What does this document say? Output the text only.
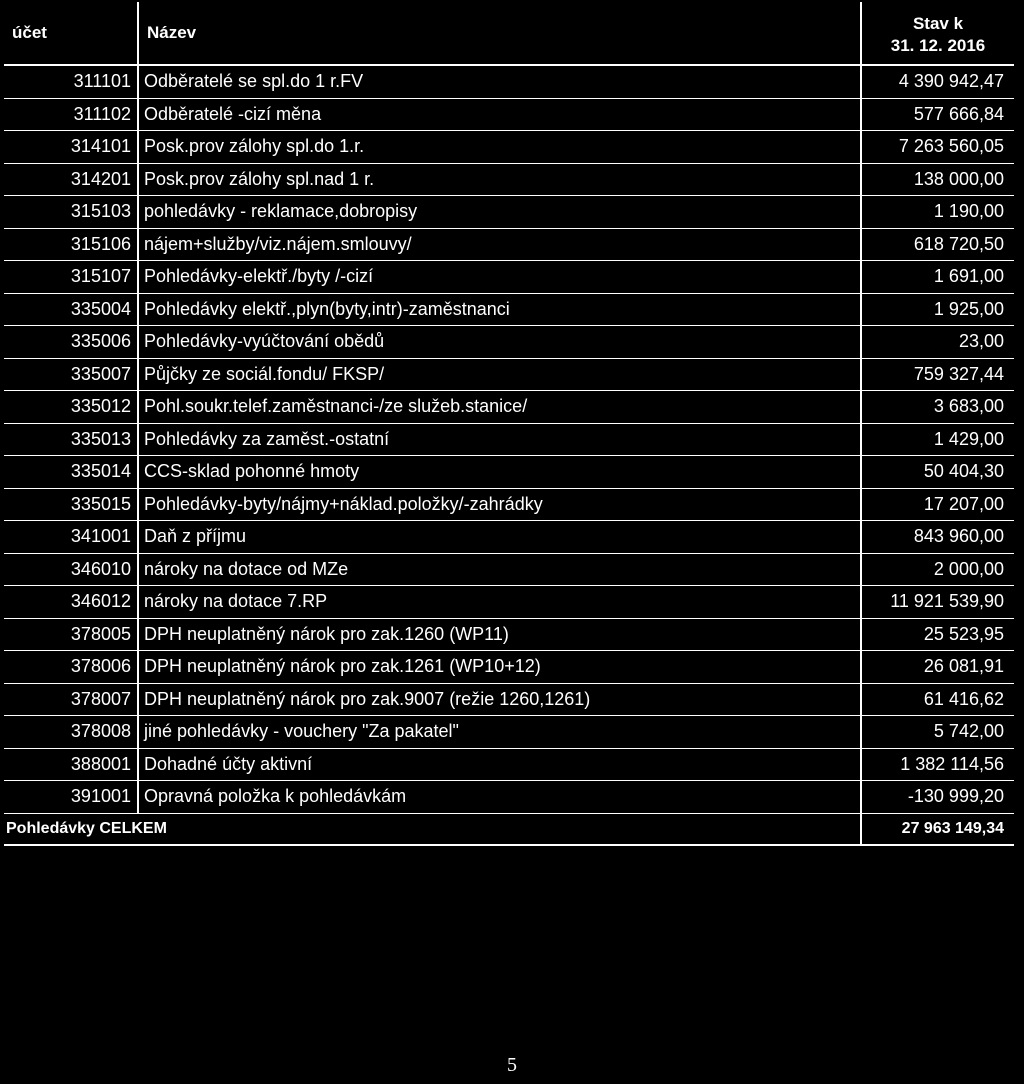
účet	Název	Stav k
31. 12. 2016
311101 Odběratelé se spl.do 1 r.FV	4 390 942,47
311102 Odběratelé -cizí měna	577 666,84
314101 Posk.prov zálohy spl.do 1.r.	7 263 560,05
314201 Posk.prov zálohy spl.nad 1 r.	138 000,00
315103 pohledávky - reklamace,dobropisy	1 190,00
315106 nájem+služby/viz.nájem.smlouvy/	618 720,50
315107 Pohledávky-elektř./byty /-cizí	1 691,00
335004 Pohledávky elektř.,plyn(byty,intr)-zaměstnanci	1 925,00
335006 Pohledávky-vyúčtování obědů	23,00
335007 Půjčky ze sociál.fondu/ FKSP/	759 327,44
335012 Pohl.soukr.telef.zaměstnanci-/ze služeb.stanice/	3 683,00
335013 Pohledávky za zaměst.-ostatní	1 429,00
335014 CCS-sklad pohonné hmoty	50 404,30
335015 Pohledávky-byty/nájmy+náklad.položky/-zahrádky	17 207,00
341001 Daň z příjmu	843 960,00
346010 nároky na dotace od MZe	2 000,00
346012 nároky na dotace 7.RP	11 921 539,90
378005 DPH neuplatněný nárok pro zak.1260 (WP11)	25 523,95
378006 DPH neuplatněný nárok pro zak.1261 (WP10+12)	26 081,91
378007 DPH neuplatněný nárok pro zak.9007 (režie 1260,1261)	61 416,62
378008 jiné pohledávky - vouchery "Za pakatel"	5 742,00
388001 Dohadné účty aktivní	1 382 114,56
391001 Opravná položka k pohledávkám	-130 999,20
Pohledávky CELKEM	27 963 149,34
5
